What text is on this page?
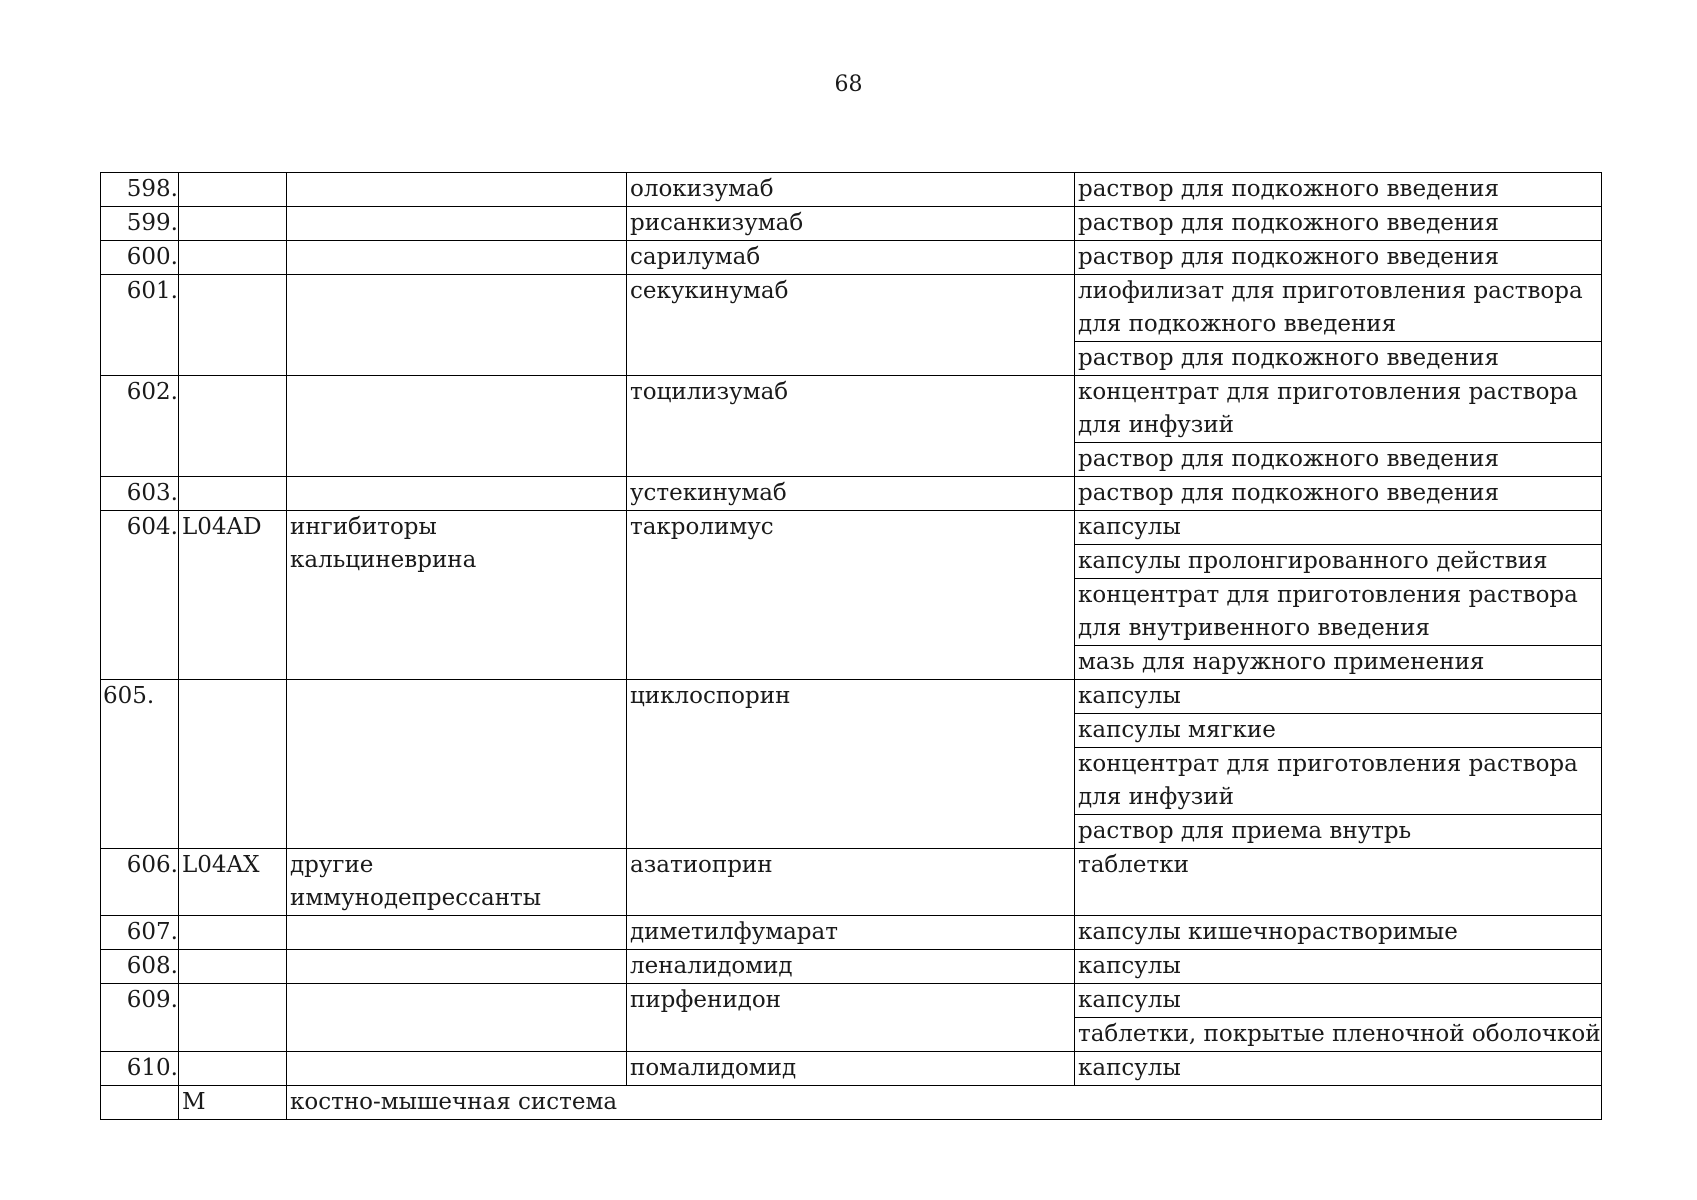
68
598.			олокизумаб	раствор для подкожного введения
599.			рисанкизумаб	раствор для подкожного введения
600.			сарилумаб	раствор для подкожного введения
601.			секукинумаб	лиофилизат для приготовления раствора для подкожного введения
				раствор для подкожного введения
602.			тоцилизумаб	концентрат для приготовления раствора для инфузий
				раствор для подкожного введения
603.			устекинумаб	раствор для подкожного введения
604.	L04AD	ингибиторы кальциневрина	такролимус	капсулы
				капсулы пролонгированного действия
				концентрат для приготовления раствора для внутривенного введения
				мазь для наружного применения
605.			циклоспорин	капсулы
				капсулы мягкие
				концентрат для приготовления раствора для инфузий
				раствор для приема внутрь
606.	L04AX	другие иммунодепрессанты	азатиоприн	таблетки
607.			диметилфумарат	капсулы кишечнорастворимые
608.			леналидомид	капсулы
609.			пирфенидон	капсулы
				таблетки, покрытые пленочной оболочкой
610.			помалидомид	капсулы
	M	костно-мышечная система		
